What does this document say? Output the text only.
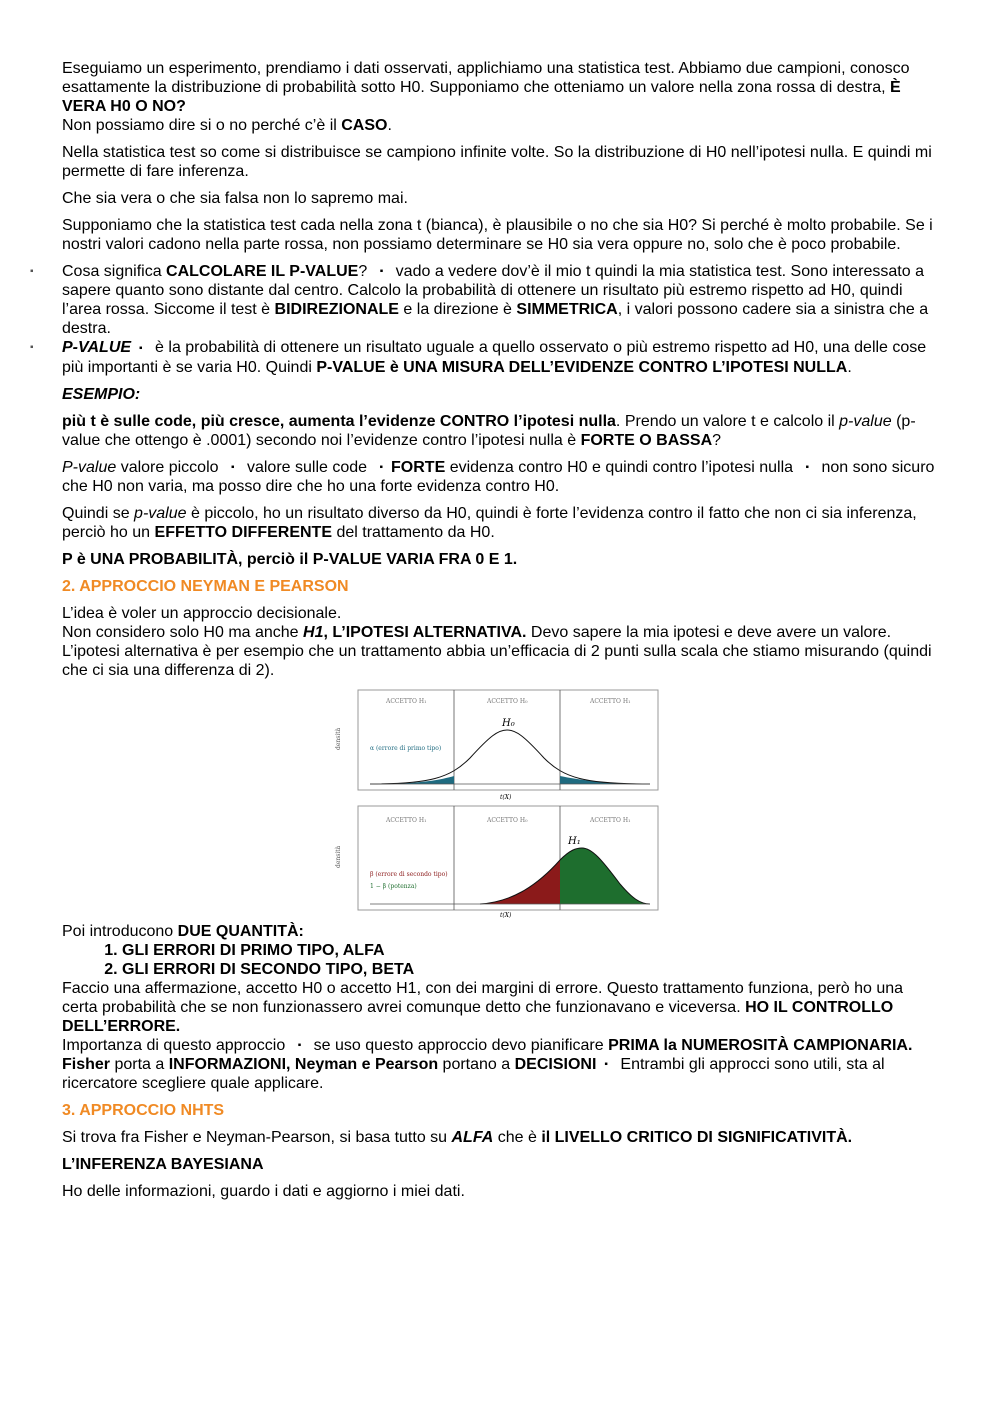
Eseguiamo un esperimento, prendiamo i dati osservati, applichiamo una statistica test. Abbiamo due campioni, conosco esattamente la distribuzione di probabilità sotto H0. Supponiamo che otteniamo un valore nella zona rossa di destra, È VERA H0 O NO?

Non possiamo dire si o no perché c’è il CASO.

Nella statistica test so come si distribuisce se campiono infinite volte. So la distribuzione di H0 nell’ipotesi nulla. E quindi mi permette di fare inferenza.

Che sia vera o che sia falsa non lo sapremo mai.

Supponiamo che la statistica test cada nella zona t (bianca), è plausibile o no che sia H0? Si perché è molto probabile. Se i nostri valori cadono nella parte rossa, non possiamo determinare se H0 sia vera oppure no, solo che è poco probabile.

▪ Cosa significa CALCOLARE IL P-VALUE? ▪ vado a vedere dov’è il mio t quindi la mia statistica test. Sono interessato a sapere quanto sono distante dal centro. Calcolo la probabilità di ottenere un risultato più estremo rispetto ad H0, quindi l’area rossa. Siccome il test è BIDIREZIONALE e la direzione è SIMMETRICA, i valori possono cadere sia a sinistra che a destra.

▪ P-VALUE ▪ è la probabilità di ottenere un risultato uguale a quello osservato o più estremo rispetto ad H0, una delle cose più importanti è se varia H0. Quindi P-VALUE è UNA MISURA DELL’EVIDENZE CONTRO L’IPOTESI NULLA.

ESEMPIO:

più t è sulle code, più cresce, aumenta l’evidenze CONTRO l’ipotesi nulla. Prendo un valore t e calcolo il p-value (p-value che ottengo è .0001) secondo noi l’evidenze contro l’ipotesi nulla è FORTE O BASSA?

P-value valore piccolo ▪ valore sulle code ▪ FORTE evidenza contro H0 e quindi contro l’ipotesi nulla ▪ non sono sicuro che H0 non varia, ma posso dire che ho una forte evidenza contro H0.

Quindi se p-value è piccolo, ho un risultato diverso da H0, quindi è forte l’evidenza contro il fatto che non ci sia inferenza, perciò ho un EFFETTO DIFFERENTE del trattamento da H0.

P è UNA PROBABILITÀ, perciò il P-VALUE VARIA FRA 0 E 1.

2. APPROCCIO NEYMAN E PEARSON

L’idea è voler un approccio decisionale.

Non considero solo H0 ma anche H1, L’IPOTESI ALTERNATIVA. Devo sapere la mia ipotesi e deve avere un valore. L’ipotesi alternativa è per esempio che un trattamento abbia un’efficacia di 2 punti sulla scala che stiamo misurando (quindi che ci sia una differenza di 2).

ACCETTO H₁	ACCETTO H₀	ACCETTO H₁
H₀
densità	α (errore di primo tipo)
t(X)
ACCETTO H₁	ACCETTO H₀	ACCETTO H₁
H₁
densità
β (errore di secondo tipo)
1 − β (potenza)
t(X)

Poi introducono DUE QUANTITÀ:

1. GLI ERRORI DI PRIMO TIPO, ALFA
2. GLI ERRORI DI SECONDO TIPO, BETA

Faccio una affermazione, accetto H0 o accetto H1, con dei margini di errore. Questo trattamento funziona, però ho una certa probabilità che se non funzionassero avrei comunque detto che funzionavano e viceversa. HO IL CONTROLLO DELL’ERRORE.

Importanza di questo approccio ▪ se uso questo approccio devo pianificare PRIMA la NUMEROSITÀ CAMPIONARIA.

Fisher porta a INFORMAZIONI, Neyman e Pearson portano a DECISIONI ▪ Entrambi gli approcci sono utili, sta al ricercatore scegliere quale applicare.

3. APPROCCIO NHTS

Si trova fra Fisher e Neyman-Pearson, si basa tutto su ALFA che è il LIVELLO CRITICO DI SIGNIFICATIVITÀ.

L’INFERENZA BAYESIANA

Ho delle informazioni, guardo i dati e aggiorno i miei dati.
